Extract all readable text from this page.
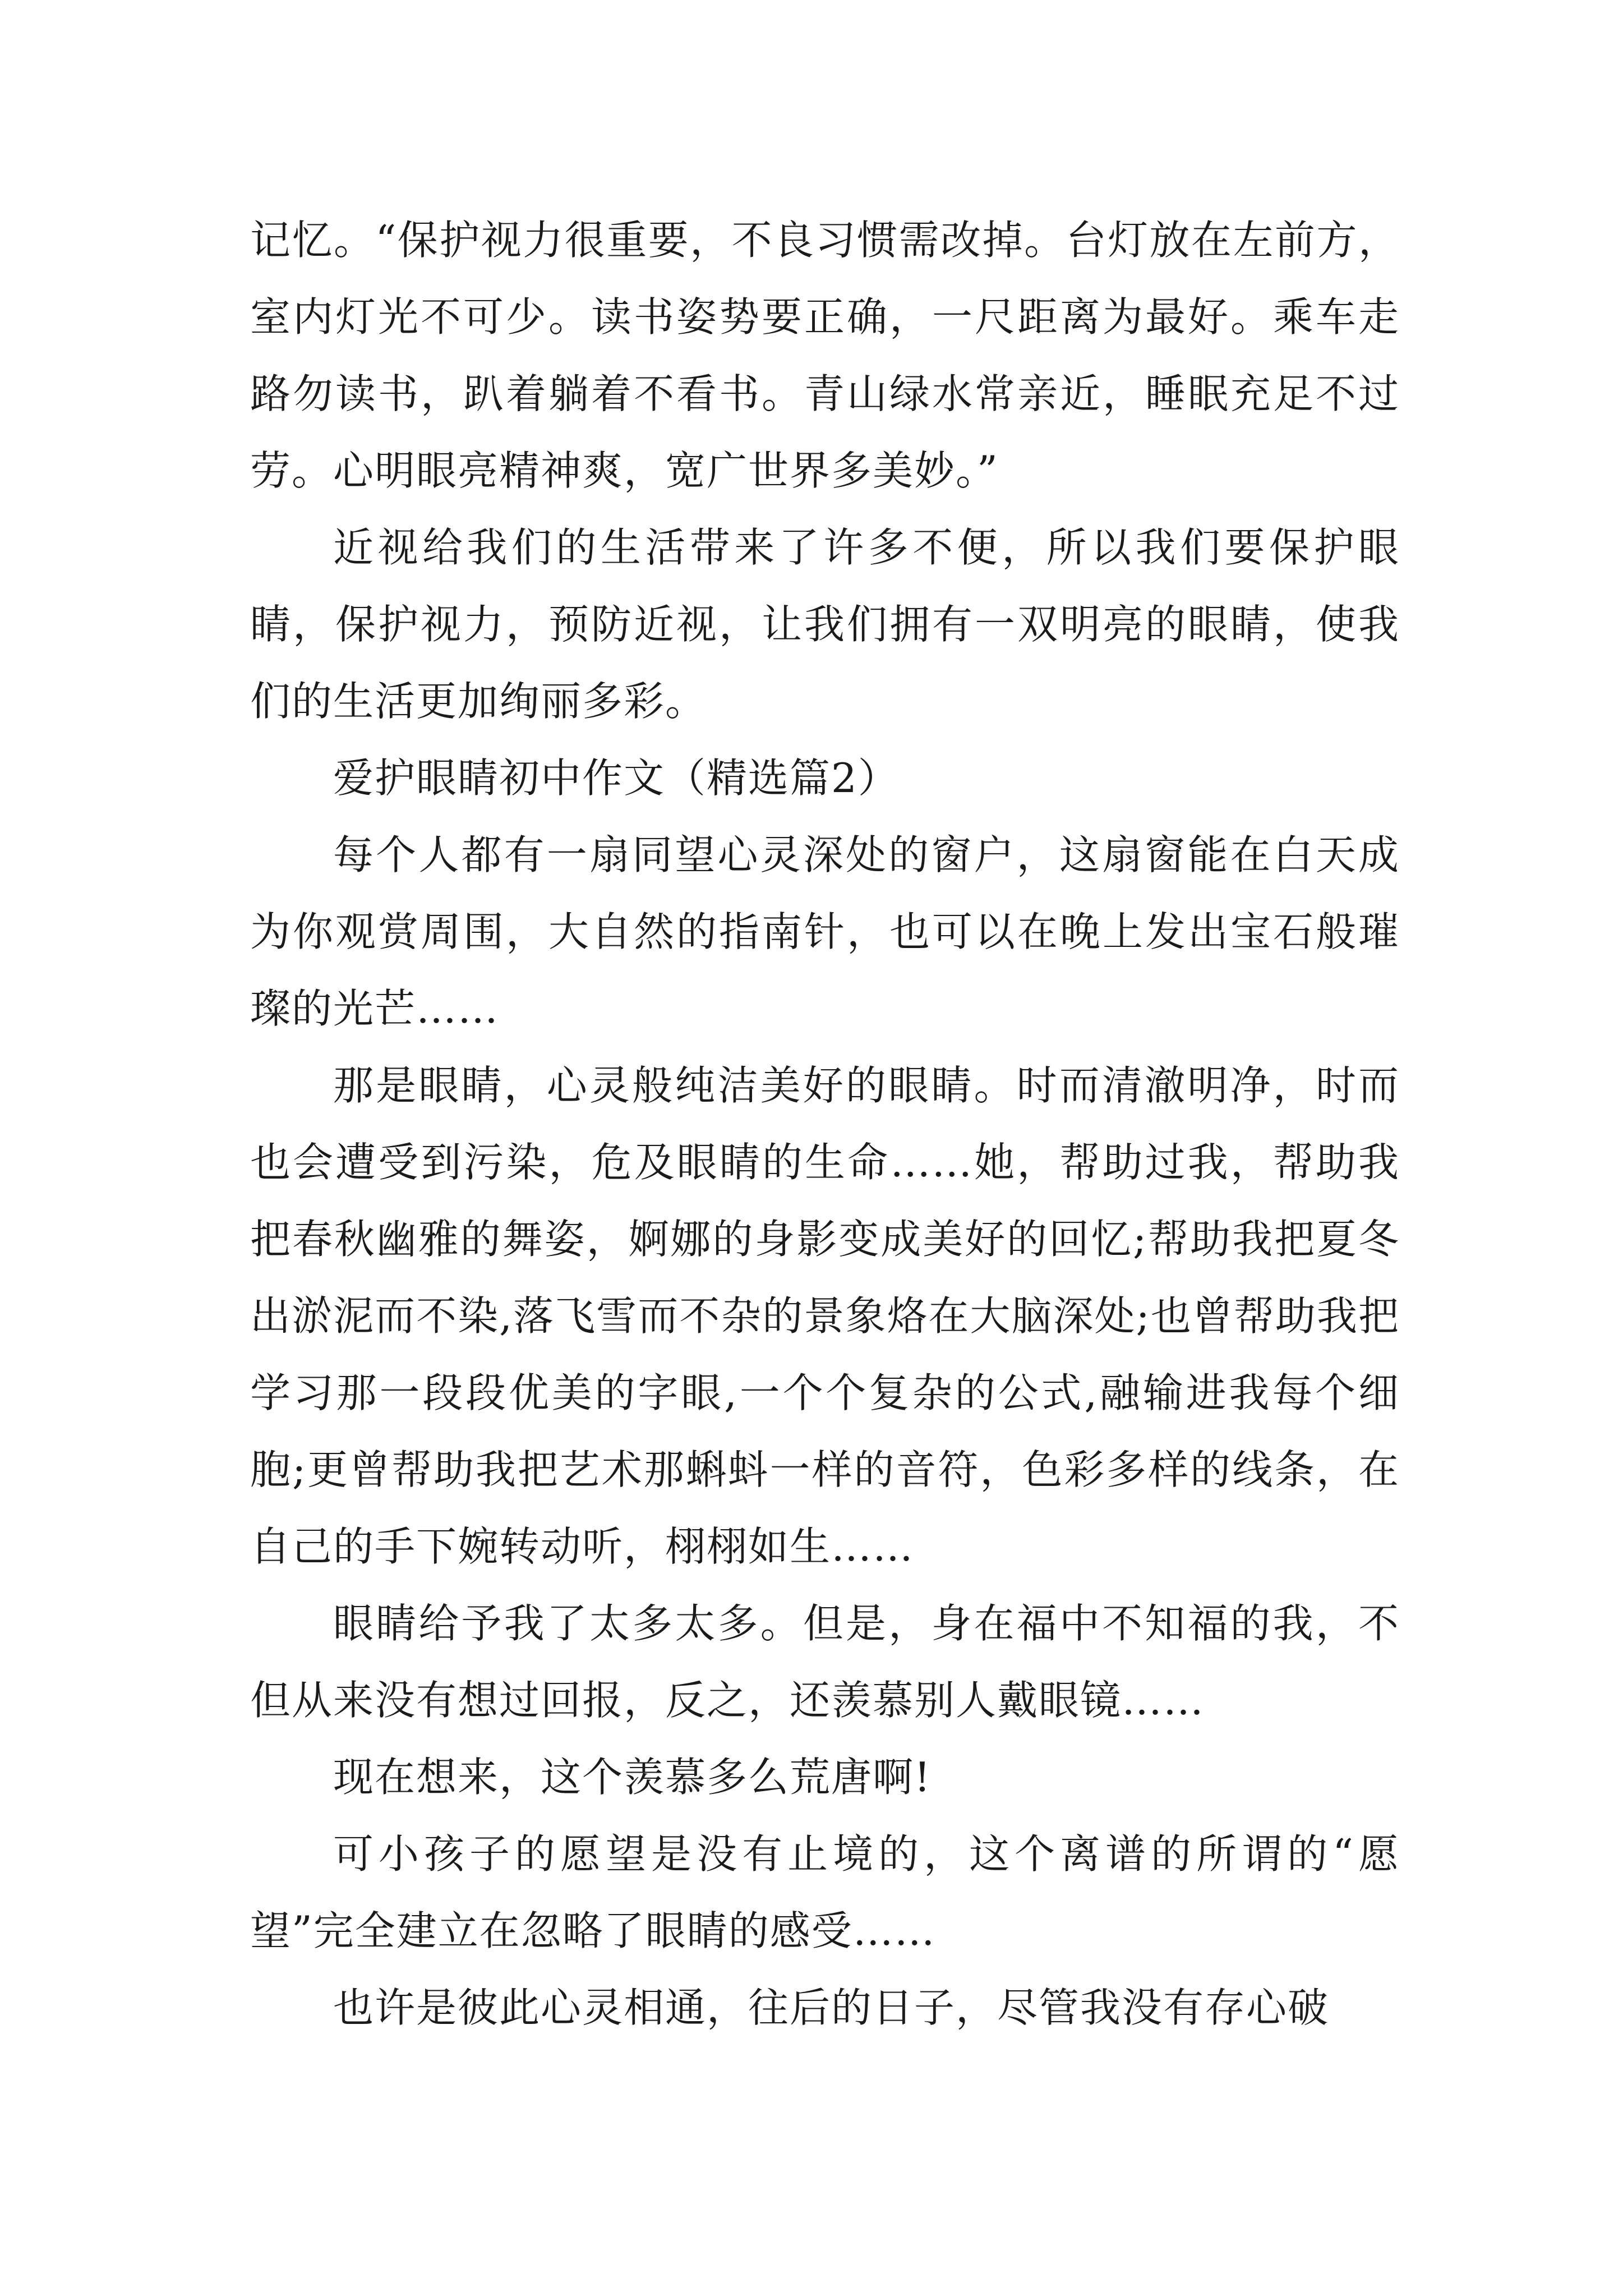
记忆。“保护视力很重要，不良习惯需改掉。台灯放在左前方，室内灯光不可少。读书姿势要正确，一尺距离为最好。乘车走路勿读书，趴着躺着不看书。青山绿水常亲近，睡眠充足不过劳。心明眼亮精神爽，宽广世界多美妙。”

近视给我们的生活带来了许多不便，所以我们要保护眼睛，保护视力，预防近视，让我们拥有一双明亮的眼睛，使我们的生活更加绚丽多彩。

爱护眼睛初中作文（精选篇2）

每个人都有一扇同望心灵深处的窗户，这扇窗能在白天成为你观赏周围，大自然的指南针，也可以在晚上发出宝石般璀璨的光芒……

那是眼睛，心灵般纯洁美好的眼睛。时而清澈明净，时而也会遭受到污染，危及眼睛的生命……她，帮助过我，帮助我把春秋幽雅的舞姿，婀娜的身影变成美好的回忆;帮助我把夏冬出淤泥而不染,落飞雪而不杂的景象烙在大脑深处;也曾帮助我把学习那一段段优美的字眼,一个个复杂的公式,融输进我每个细胞;更曾帮助我把艺术那蝌蚪一样的音符，色彩多样的线条，在自己的手下婉转动听，栩栩如生……

眼睛给予我了太多太多。但是，身在福中不知福的我，不但从来没有想过回报，反之，还羡慕别人戴眼镜……

现在想来，这个羡慕多么荒唐啊!

可小孩子的愿望是没有止境的，这个离谱的所谓的“愿望”完全建立在忽略了眼睛的感受……

也许是彼此心灵相通，往后的日子，尽管我没有存心破
